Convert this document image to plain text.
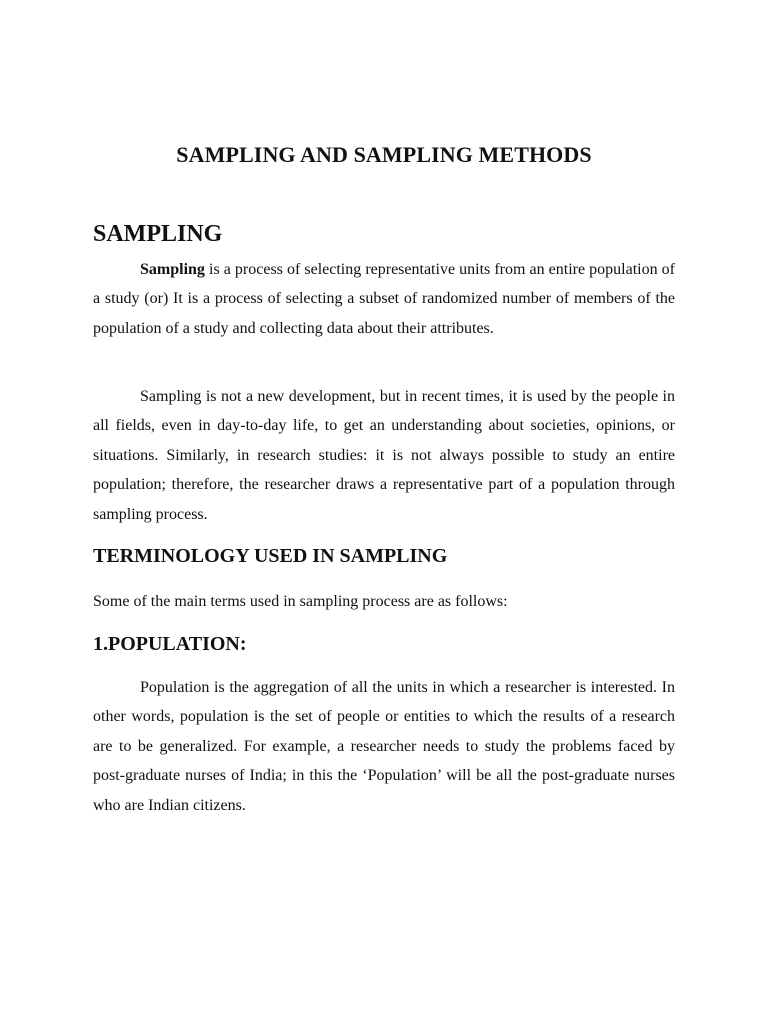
SAMPLING AND SAMPLING METHODS
SAMPLING

Sampling is a process of selecting representative units from an entire population of a study (or) It is a process of selecting a subset of randomized number of members of the population of a study and collecting data about their attributes.

Sampling is not a new development, but in recent times, it is used by the people in all fields, even in day-to-day life, to get an understanding about societies, opinions, or situations. Similarly, in research studies: it is not always possible to study an entire population; therefore, the researcher draws a representative part of a population through sampling process.

TERMINOLOGY USED IN SAMPLING

Some of the main terms used in sampling process are as follows:

1.POPULATION:

Population is the aggregation of all the units in which a researcher is interested. In other words, population is the set of people or entities to which the results of a research are to be generalized. For example, a researcher needs to study the problems faced by post-graduate nurses of India; in this the ‘Population’ will be all the post-graduate nurses who are Indian citizens.
